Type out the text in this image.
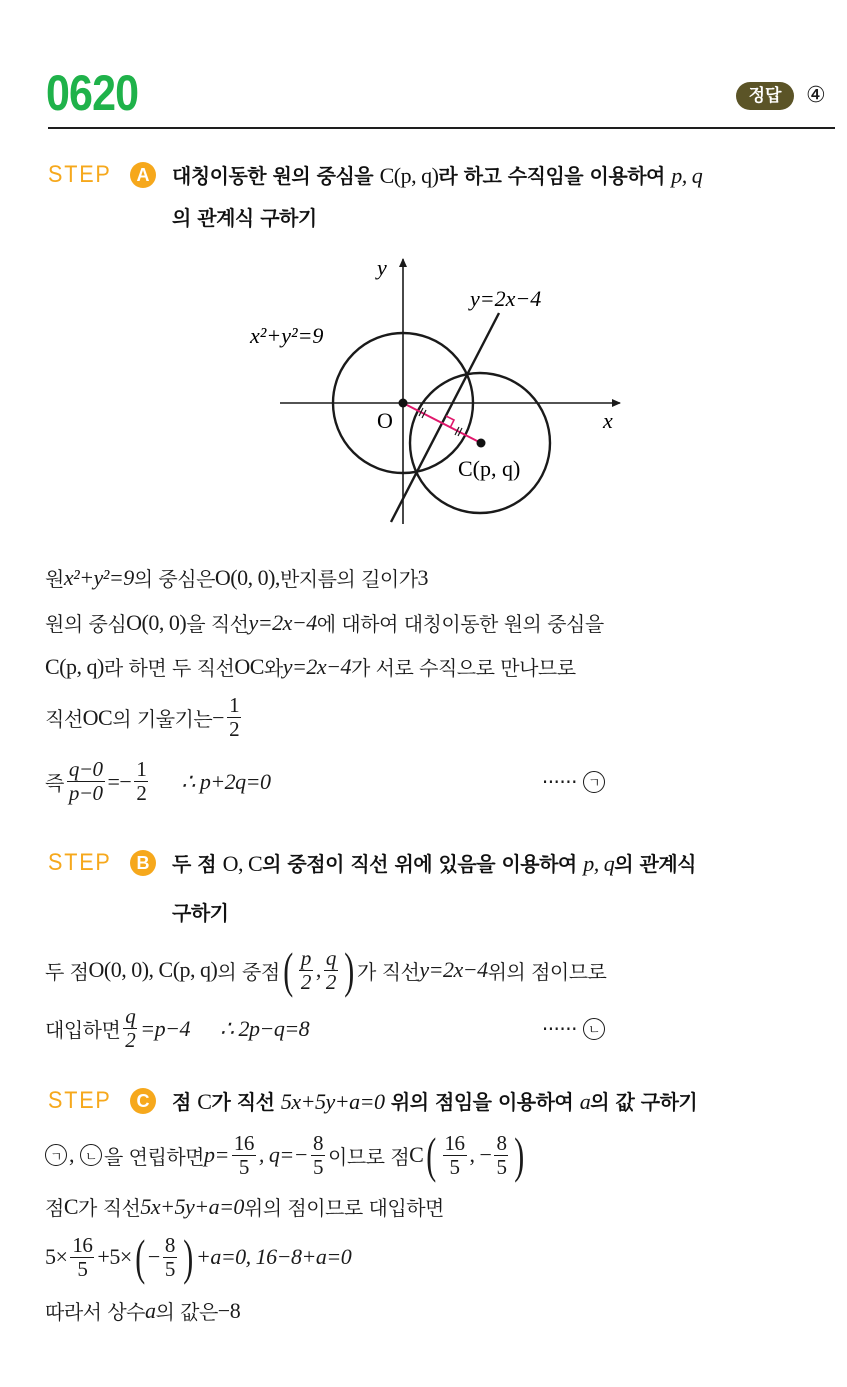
0620	정답	④
STEP	A	대칭이동한 원의 중심을 C(p, q)라 하고 수직임을 이용하여 p, q
의 관계식 구하기
y
x
O
x²+y²=9
y=2x−4
C(p, q)
원 x²+y²=9 의 중심은 O(0, 0), 반지름의 길이가 3
원의 중심 O(0, 0) 을 직선 y=2x−4 에 대하여 대칭이동한 원의 중심을
C(p, q) 라 하면 두 직선 OC 와 y=2x−4 가 서로 수직으로 만나므로
직선 OC 의 기울기는 − $\frac{1}{2}$
즉 $\frac{q-0}{p-0} =- \frac{1}{2}$ ∴ p+2q=0	······ ㄱ
STEP	B	두 점 O, C의 중점이 직선 위에 있음을 이용하여 p, q의 관계식
구하기
두 점 O(0, 0), C(p, q) 의 중점 ( $\frac{p}{2}$ , $\frac{q}{2}$ ) 가 직선 y=2x−4 위의 점이므로
대입하면 $\frac{q}{2} =p-4$ ∴ 2p−q=8	······ ㄴ
STEP	C	점 C가 직선 5x+5y+a=0 위의 점임을 이용하여 a의 값 구하기
ㄱ , ㄴ 을 연립하면 $p= \frac{16}{5}$ , $q=- \frac{8}{5}$ 이므로 점 C ( $\frac{16}{5}$ , − $\frac{8}{5}$ )
점 C 가 직선 5x+5y+a=0 위의 점이므로 대입하면
$5\times \frac{16}{5} +5\times$ ( − $\frac{8}{5}$ ) +a=0, 16−8+a=0
따라서 상수 a 의 값은 −8
